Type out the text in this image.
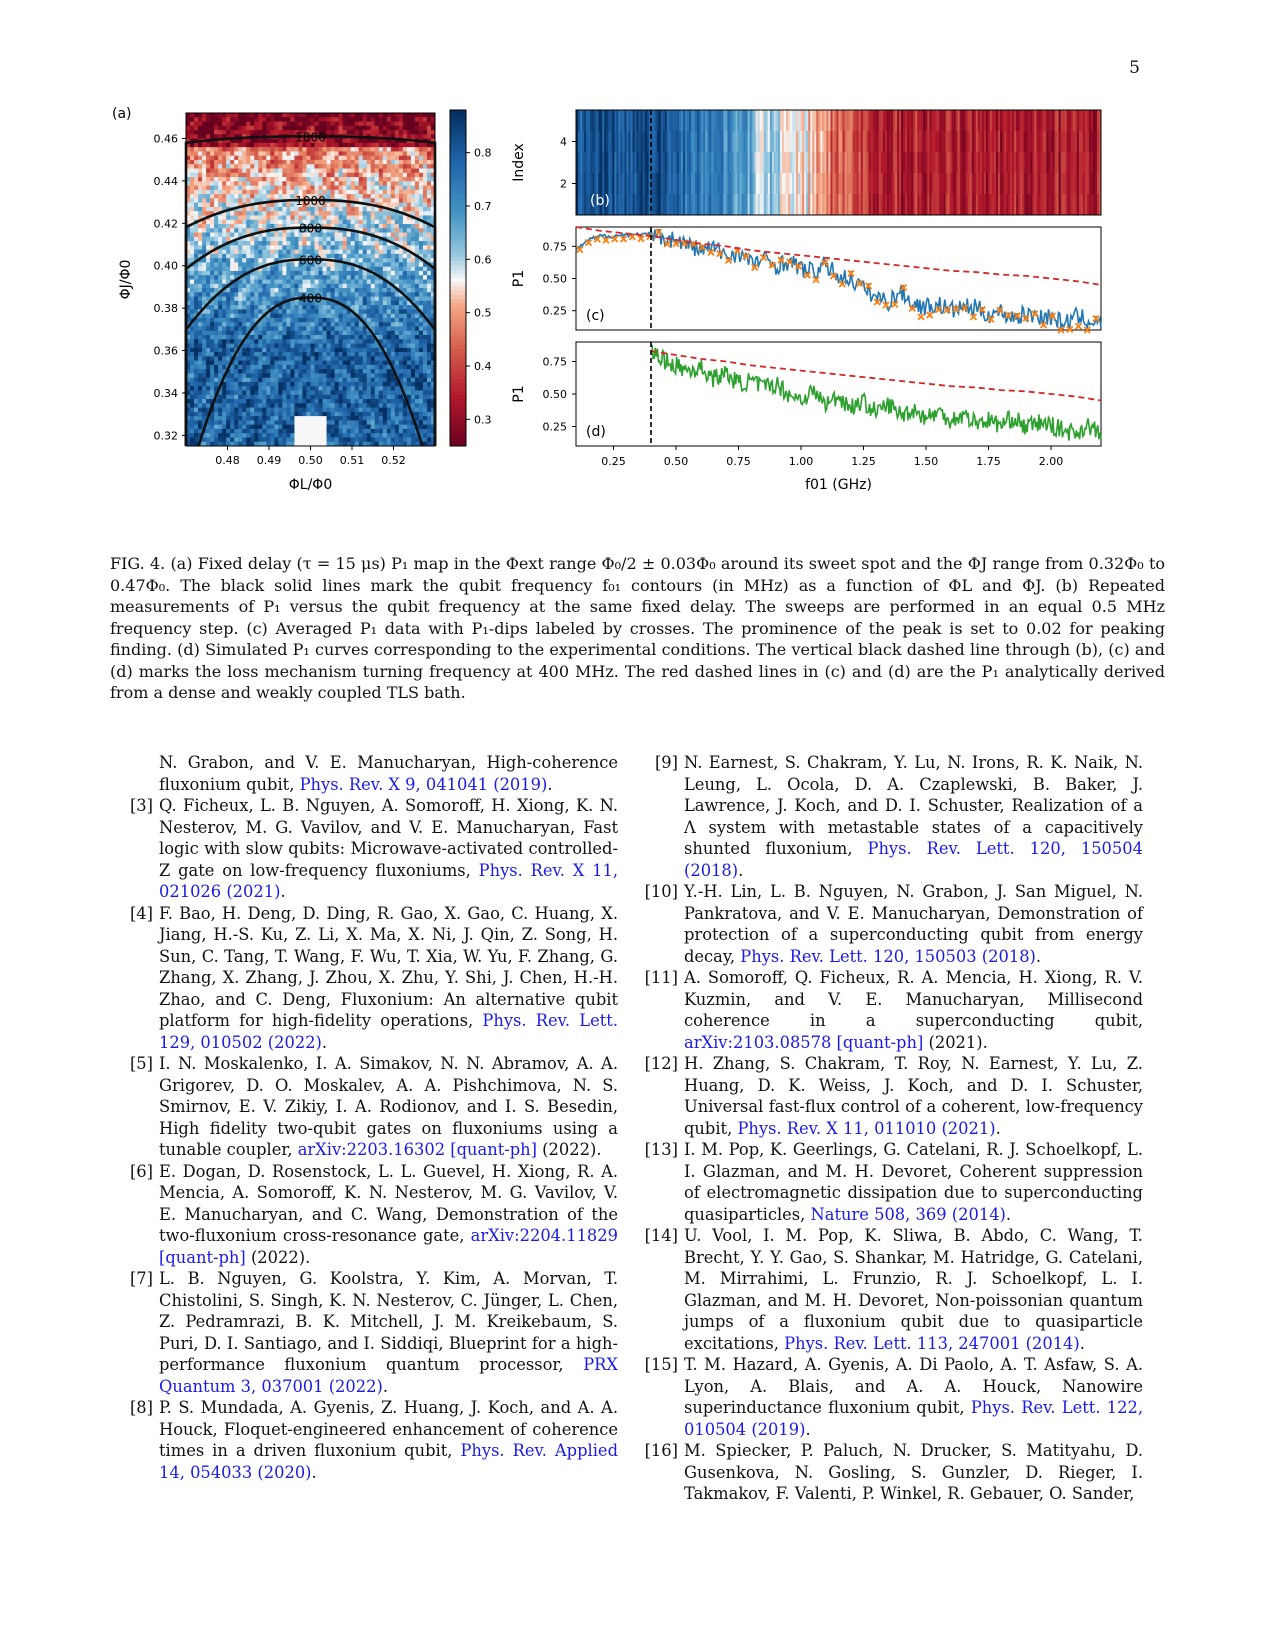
5
400
600
800
1000
1800
0.48 0.49 0.50 0.51 0.52
0.46
0.44
0.42
0.40
0.38
0.36
0.34
0.32
ΦL/Φ0
ΦJ/Φ0
0.8
0.7
0.6
0.5
0.4
0.3
4
2
Index
(b)
0.75
0.50
0.25
P1
(c)
0.75
0.50
0.25
P1
(d)
0.25	0.50	0.75	1.00	1.25	1.50	1.75	2.00
f01 (GHz)
(a)
FIG. 4. (a) Fixed delay (τ = 15 μs) P₁ map in the Φext range Φ₀/2 ± 0.03Φ₀ around its sweet spot and the ΦJ range from 0.32Φ₀ to 0.47Φ₀. The black solid lines mark the qubit frequency f₀₁ contours (in MHz) as a function of ΦL and ΦJ. (b) Repeated measurements of P₁ versus the qubit frequency at the same fixed delay. The sweeps are performed in an equal 0.5 MHz frequency step. (c) Averaged P₁ data with P₁-dips labeled by crosses. The prominence of the peak is set to 0.02 for peaking finding. (d) Simulated P₁ curves corresponding to the experimental conditions. The vertical black dashed line through (b), (c) and (d) marks the loss mechanism turning frequency at 400 MHz. The red dashed lines in (c) and (d) are the P₁ analytically derived from a dense and weakly coupled TLS bath.
N. Grabon, and V. E. Manucharyan, High-coherence fluxonium qubit, Phys. Rev. X 9, 041041 (2019).
[3] Q. Ficheux, L. B. Nguyen, A. Somoroff, H. Xiong, K. N. Nesterov, M. G. Vavilov, and V. E. Manucharyan, Fast logic with slow qubits: Microwave-activated controlled-Z gate on low-frequency fluxoniums, Phys. Rev. X 11, 021026 (2021).
[4] F. Bao, H. Deng, D. Ding, R. Gao, X. Gao, C. Huang, X. Jiang, H.-S. Ku, Z. Li, X. Ma, X. Ni, J. Qin, Z. Song, H. Sun, C. Tang, T. Wang, F. Wu, T. Xia, W. Yu, F. Zhang, G. Zhang, X. Zhang, J. Zhou, X. Zhu, Y. Shi, J. Chen, H.-H. Zhao, and C. Deng, Fluxonium: An alternative qubit platform for high-fidelity operations, Phys. Rev. Lett. 129, 010502 (2022).
[5] I. N. Moskalenko, I. A. Simakov, N. N. Abramov, A. A. Grigorev, D. O. Moskalev, A. A. Pishchimova, N. S. Smirnov, E. V. Zikiy, I. A. Rodionov, and I. S. Besedin, High fidelity two-qubit gates on fluxoniums using a tunable coupler, arXiv:2203.16302 [quant-ph] (2022).
[6] E. Dogan, D. Rosenstock, L. L. Guevel, H. Xiong, R. A. Mencia, A. Somoroff, K. N. Nesterov, M. G. Vavilov, V. E. Manucharyan, and C. Wang, Demonstration of the two-fluxonium cross-resonance gate, arXiv:2204.11829 [quant-ph] (2022).
[7] L. B. Nguyen, G. Koolstra, Y. Kim, A. Morvan, T. Chistolini, S. Singh, K. N. Nesterov, C. Jünger, L. Chen, Z. Pedramrazi, B. K. Mitchell, J. M. Kreikebaum, S. Puri, D. I. Santiago, and I. Siddiqi, Blueprint for a high-performance fluxonium quantum processor, PRX Quantum 3, 037001 (2022).
[8] P. S. Mundada, A. Gyenis, Z. Huang, J. Koch, and A. A. Houck, Floquet-engineered enhancement of coherence times in a driven fluxonium qubit, Phys. Rev. Applied 14, 054033 (2020).
[9] N. Earnest, S. Chakram, Y. Lu, N. Irons, R. K. Naik, N. Leung, L. Ocola, D. A. Czaplewski, B. Baker, J. Lawrence, J. Koch, and D. I. Schuster, Realization of a Λ system with metastable states of a capacitively shunted fluxonium, Phys. Rev. Lett. 120, 150504 (2018).
[10] Y.-H. Lin, L. B. Nguyen, N. Grabon, J. San Miguel, N. Pankratova, and V. E. Manucharyan, Demonstration of protection of a superconducting qubit from energy decay, Phys. Rev. Lett. 120, 150503 (2018).
[11] A. Somoroff, Q. Ficheux, R. A. Mencia, H. Xiong, R. V. Kuzmin, and V. E. Manucharyan, Millisecond coherence in a superconducting qubit, arXiv:2103.08578 [quant-ph] (2021).
[12] H. Zhang, S. Chakram, T. Roy, N. Earnest, Y. Lu, Z. Huang, D. K. Weiss, J. Koch, and D. I. Schuster, Universal fast-flux control of a coherent, low-frequency qubit, Phys. Rev. X 11, 011010 (2021).
[13] I. M. Pop, K. Geerlings, G. Catelani, R. J. Schoelkopf, L. I. Glazman, and M. H. Devoret, Coherent suppression of electromagnetic dissipation due to superconducting quasiparticles, Nature 508, 369 (2014).
[14] U. Vool, I. M. Pop, K. Sliwa, B. Abdo, C. Wang, T. Brecht, Y. Y. Gao, S. Shankar, M. Hatridge, G. Catelani, M. Mirrahimi, L. Frunzio, R. J. Schoelkopf, L. I. Glazman, and M. H. Devoret, Non-poissonian quantum jumps of a fluxonium qubit due to quasiparticle excitations, Phys. Rev. Lett. 113, 247001 (2014).
[15] T. M. Hazard, A. Gyenis, A. Di Paolo, A. T. Asfaw, S. A. Lyon, A. Blais, and A. A. Houck, Nanowire superinductance fluxonium qubit, Phys. Rev. Lett. 122, 010504 (2019).
[16] M. Spiecker, P. Paluch, N. Drucker, S. Matityahu, D. Gusenkova, N. Gosling, S. Gunzler, D. Rieger, I. Takmakov, F. Valenti, P. Winkel, R. Gebauer, O. Sander,
